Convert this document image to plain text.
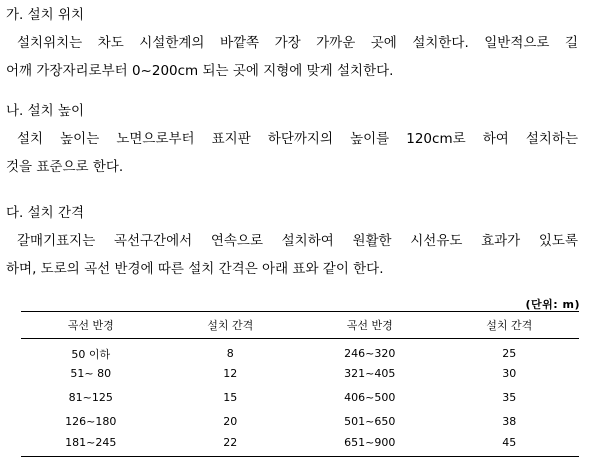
가. 설치 위치
설치위치는 차도 시설한계의 바깥쪽 가장 가까운 곳에 설치한다. 일반적으로 길
어깨 가장자리로부터 0~200cm 되는 곳에 지형에 맞게 설치한다.
나. 설치 높이
설치 높이는 노면으로부터 표지판 하단까지의 높이를 120cm로 하여 설치하는
것을 표준으로 한다.
다. 설치 간격
갈매기표지는 곡선구간에서 연속으로 설치하여 원활한 시선유도 효과가 있도록
하며, 도로의 곡선 반경에 따른 설치 간격은 아래 표와 같이 한다.
(단위: m)
곡선 반경	설치 간격	곡선 반경	설치 간격
50 이하	8	246~320	25
51~ 80	12	321~405	30
81~125	15	406~500	35
126~180	20	501~650	38
181~245	22	651~900	45
